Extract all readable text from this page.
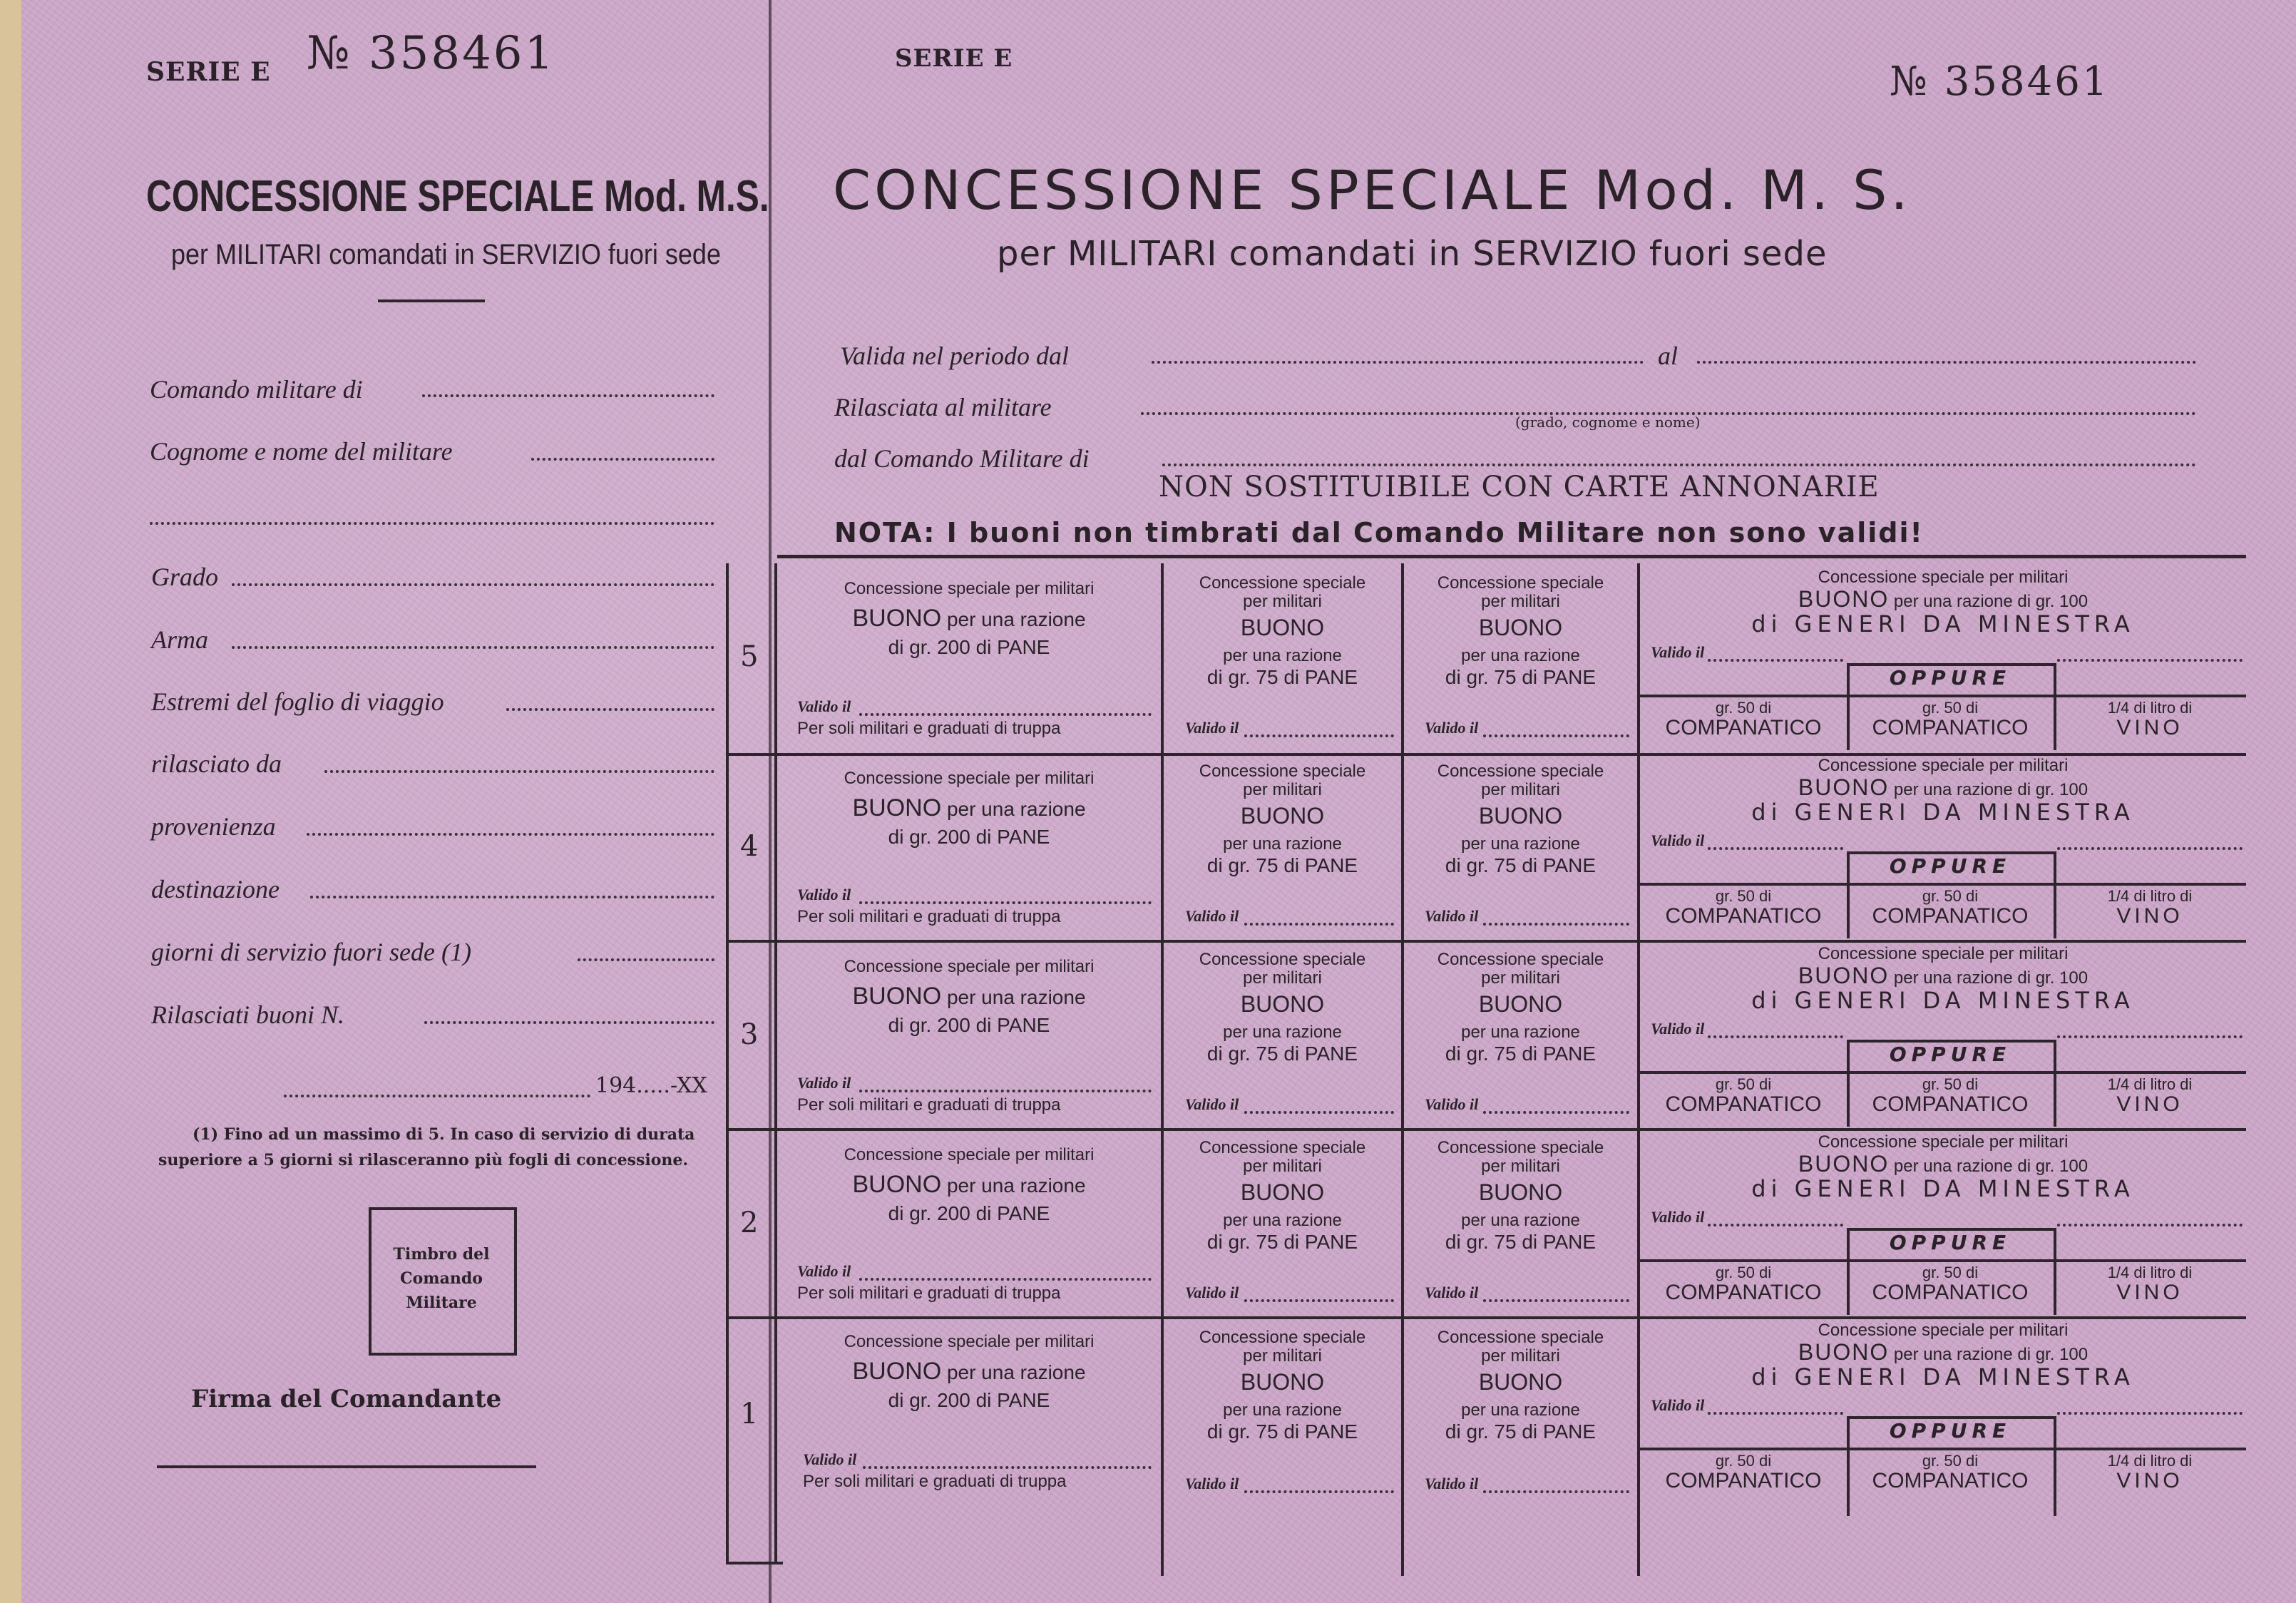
SERIE E № 358461
CONCESSIONE SPECIALE Mod. M.S.
per MILITARI comandati in SERVIZIO fuori sede
Comando militare di
Cognome e nome del militare
Grado
Arma
Estremi del foglio di viaggio
rilasciato da
provenienza
destinazione
giorni di servizio fuori sede (1)
Rilasciati buoni N.
194.....-XX
(1) Fino ad un massimo di 5. In caso di servizio di durata
superiore a 5 giorni si rilasceranno più fogli di concessione.
Timbro del Comando Militare
Firma del Comandante
SERIE E	№ 358461
CONCESSIONE SPECIALE Mod. M. S.
per MILITARI comandati in SERVIZIO fuori sede
Valida nel periodo dal	al
Rilasciata al militare
(grado, cognome e nome)
dal Comando Militare di
NON SOSTITUIBILE CON CARTE ANNONARIE
NOTA: I buoni non timbrati dal Comando Militare non sono validi!
5
Concessione speciale per militari
BUONO per una razione
di gr. 200 di PANE
Valido il
Per soli militari e graduati di truppa
Concessione speciale
per militari
BUONO
per una razione
di gr. 75 di PANE
Valido il
Concessione speciale
per militari
BUONO
per una razione
di gr. 75 di PANE
Valido il
Concessione speciale per militari
BUONO per una razione di gr. 100
di GENERI DA MINESTRA
Valido il
OPPURE
gr. 50 di
COMPANATICO
gr. 50 di
COMPANATICO
1/4 di litro di
VINO
4
Concessione speciale per militari
BUONO per una razione
di gr. 200 di PANE
Valido il
Per soli militari e graduati di truppa
Concessione speciale
per militari
BUONO
per una razione
di gr. 75 di PANE
Valido il
Concessione speciale
per militari
BUONO
per una razione
di gr. 75 di PANE
Valido il
Concessione speciale per militari
BUONO per una razione di gr. 100
di GENERI DA MINESTRA
Valido il
OPPURE
gr. 50 di
COMPANATICO
gr. 50 di
COMPANATICO
1/4 di litro di
VINO
3
Concessione speciale per militari
BUONO per una razione
di gr. 200 di PANE
Valido il
Per soli militari e graduati di truppa
Concessione speciale
per militari
BUONO
per una razione
di gr. 75 di PANE
Valido il
Concessione speciale
per militari
BUONO
per una razione
di gr. 75 di PANE
Valido il
Concessione speciale per militari
BUONO per una razione di gr. 100
di GENERI DA MINESTRA
Valido il
OPPURE
gr. 50 di
COMPANATICO
gr. 50 di
COMPANATICO
1/4 di litro di
VINO
2
Concessione speciale per militari
BUONO per una razione
di gr. 200 di PANE
Valido il
Per soli militari e graduati di truppa
Concessione speciale
per militari
BUONO
per una razione
di gr. 75 di PANE
Valido il
Concessione speciale
per militari
BUONO
per una razione
di gr. 75 di PANE
Valido il
Concessione speciale per militari
BUONO per una razione di gr. 100
di GENERI DA MINESTRA
Valido il
OPPURE
gr. 50 di
COMPANATICO
gr. 50 di
COMPANATICO
1/4 di litro di
VINO
1
Concessione speciale per militari
BUONO per una razione
di gr. 200 di PANE
Valido il
Per soli militari e graduati di truppa
Concessione speciale
per militari
BUONO
per una razione
di gr. 75 di PANE
Valido il
Concessione speciale
per militari
BUONO
per una razione
di gr. 75 di PANE
Valido il
Concessione speciale per militari
BUONO per una razione di gr. 100
di GENERI DA MINESTRA
Valido il
OPPURE
gr. 50 di
COMPANATICO
gr. 50 di
COMPANATICO
1/4 di litro di
VINO
